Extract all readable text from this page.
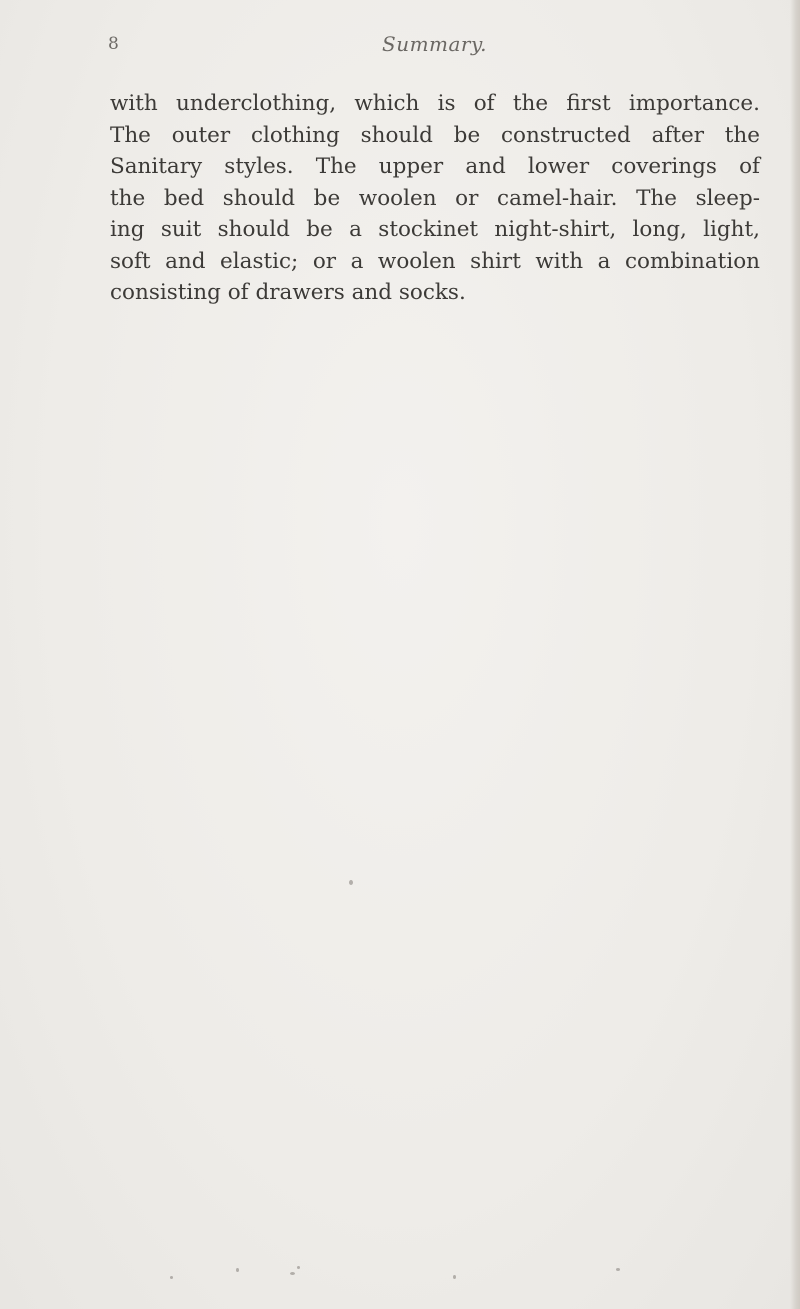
8	Summary.
with underclothing, which is of the first importance.
The outer clothing should be constructed after the
Sanitary styles. The upper and lower coverings of
the bed should be woolen or camel-hair. The sleep-
ing suit should be a stockinet night-shirt, long, light,
soft and elastic; or a woolen shirt with a combination
consisting of drawers and socks.
